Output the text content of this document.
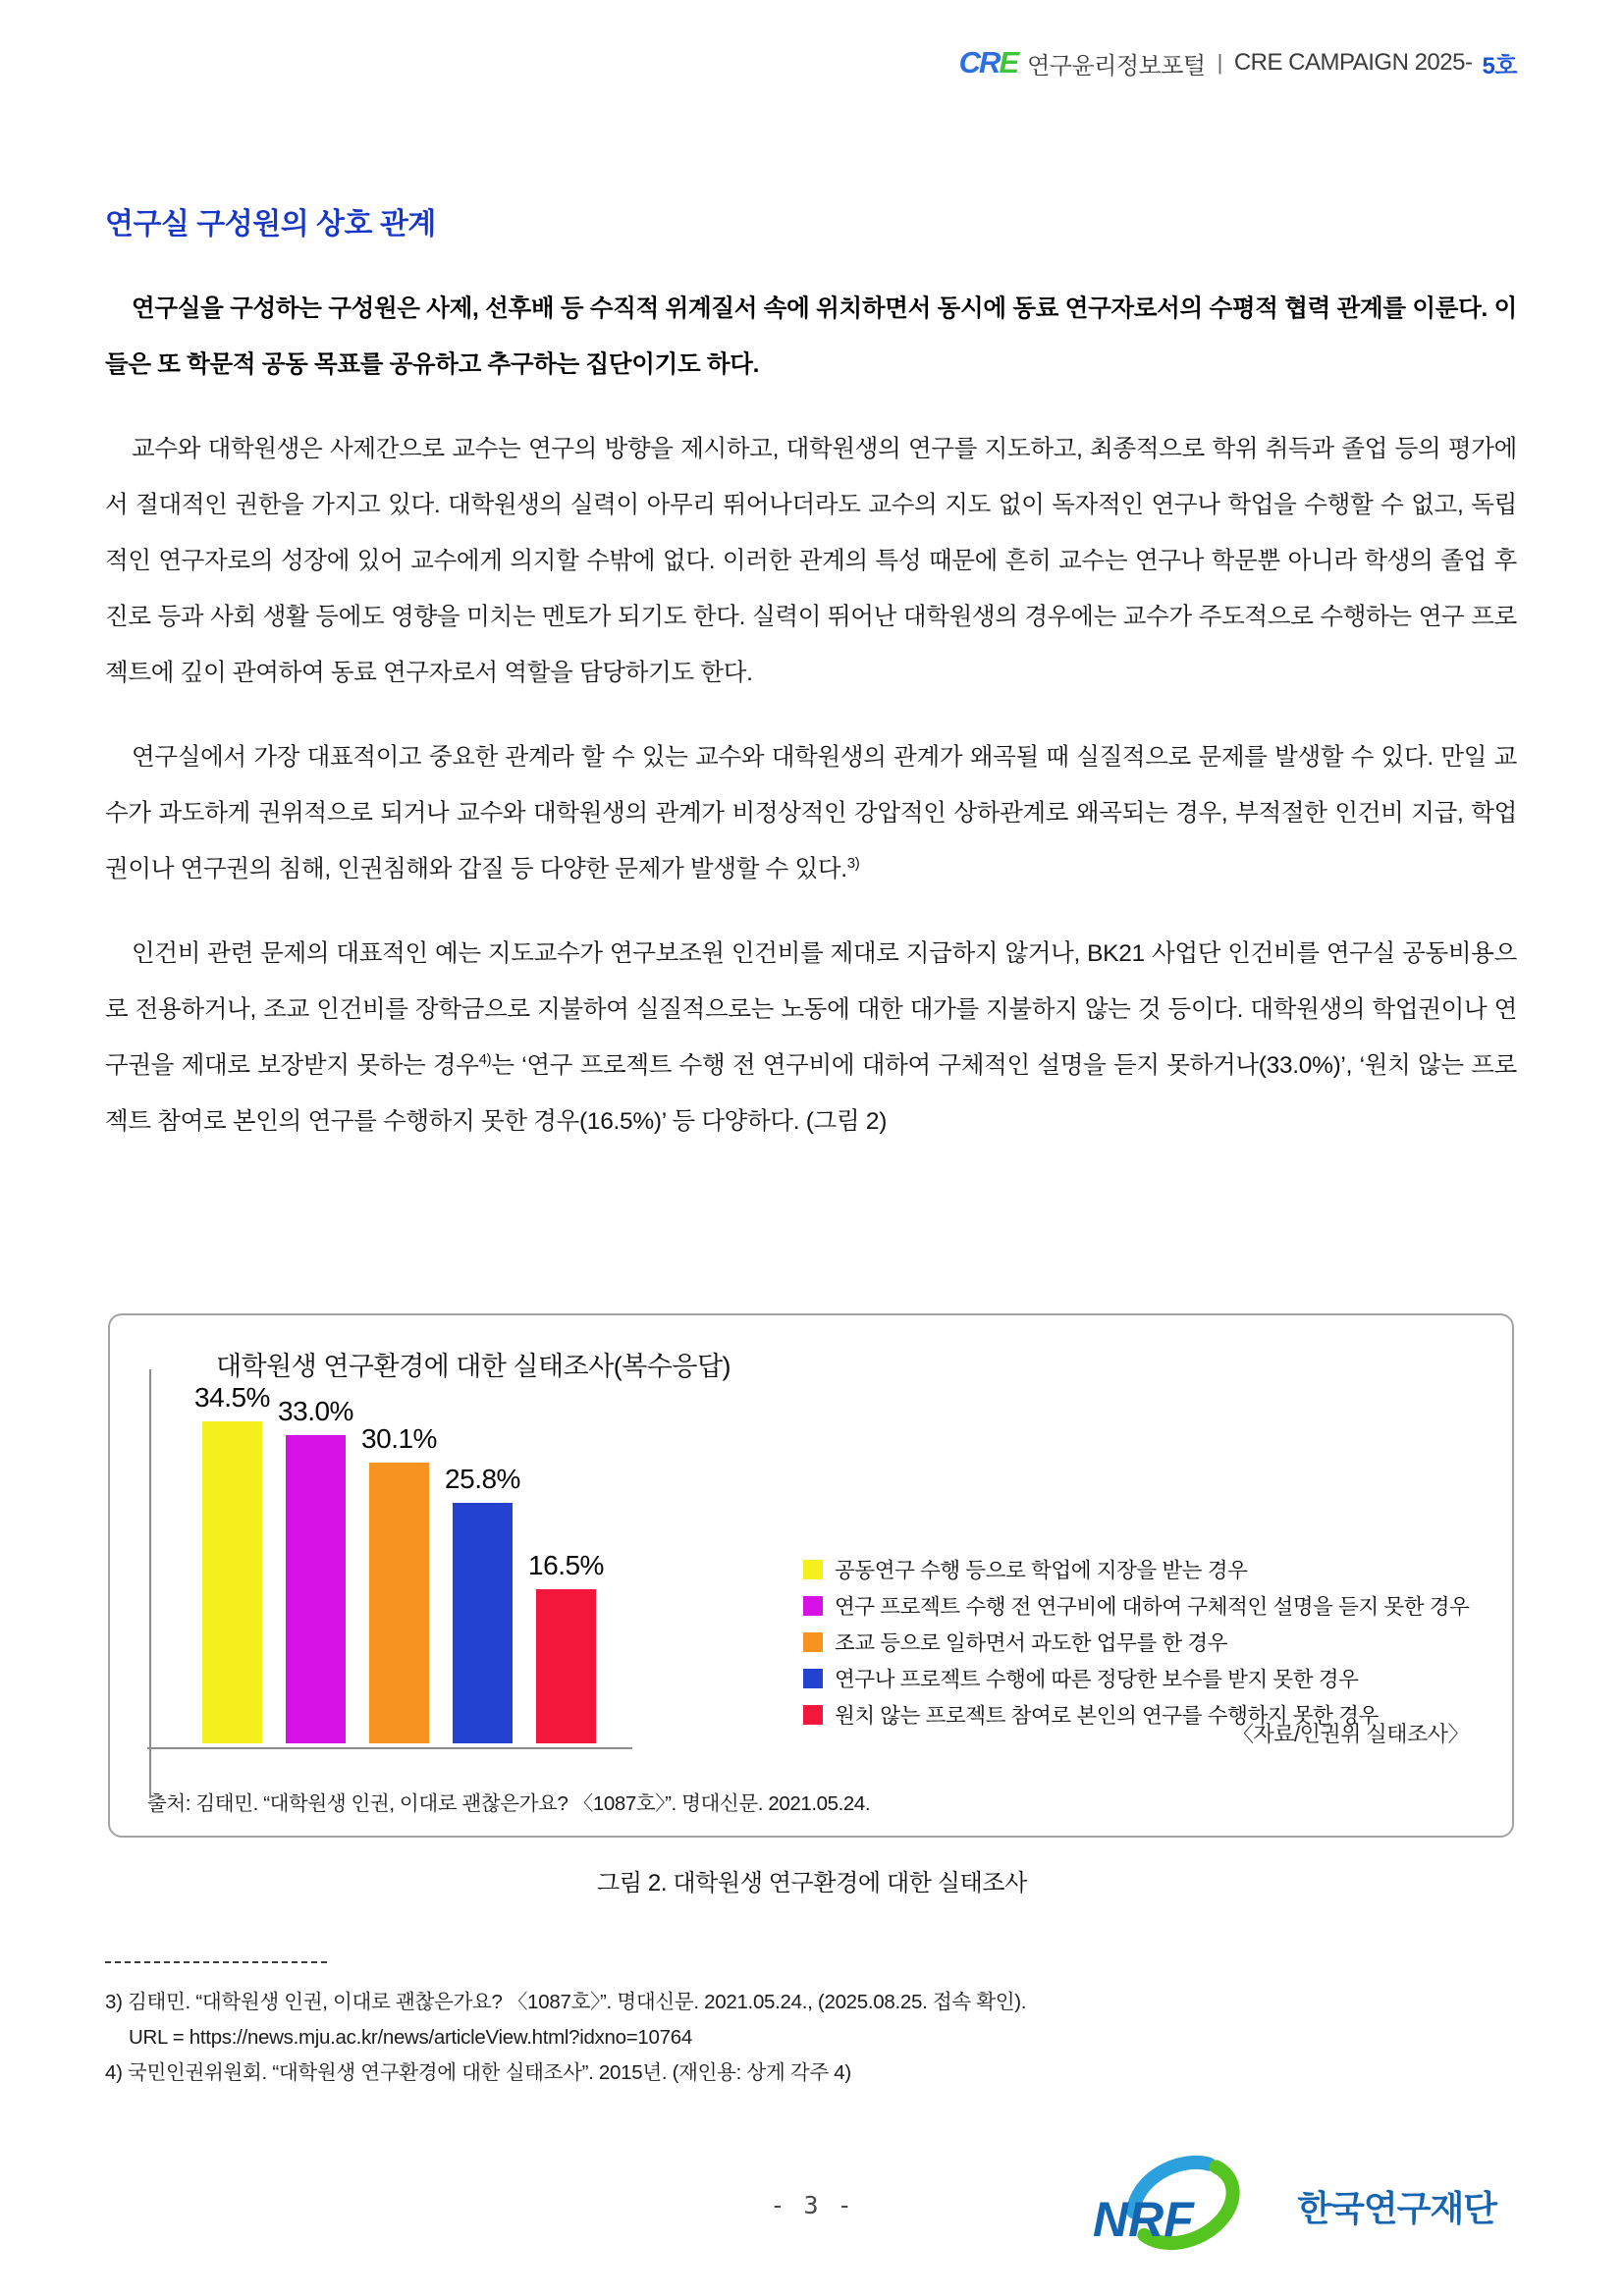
CRE 연구윤리정보포털 | CRE CAMPAIGN 2025- 5호
연구실 구성원의 상호 관계

연구실을 구성하는 구성원은 사제, 선후배 등 수직적 위계질서 속에 위치하면서 동시에 동료 연구자로서의 수평적 협력 관계를 이룬다. 이들은 또 학문적 공동 목표를 공유하고 추구하는 집단이기도 하다.

교수와 대학원생은 사제간으로 교수는 연구의 방향을 제시하고, 대학원생의 연구를 지도하고, 최종적으로 학위 취득과 졸업 등의 평가에서 절대적인 권한을 가지고 있다. 대학원생의 실력이 아무리 뛰어나더라도 교수의 지도 없이 독자적인 연구나 학업을 수행할 수 없고, 독립적인 연구자로의 성장에 있어 교수에게 의지할 수밖에 없다. 이러한 관계의 특성 때문에 흔히 교수는 연구나 학문뿐 아니라 학생의 졸업 후 진로 등과 사회 생활 등에도 영향을 미치는 멘토가 되기도 한다. 실력이 뛰어난 대학원생의 경우에는 교수가 주도적으로 수행하는 연구 프로젝트에 깊이 관여하여 동료 연구자로서 역할을 담당하기도 한다.

연구실에서 가장 대표적이고 중요한 관계라 할 수 있는 교수와 대학원생의 관계가 왜곡될 때 실질적으로 문제를 발생할 수 있다. 만일 교수가 과도하게 권위적으로 되거나 교수와 대학원생의 관계가 비정상적인 강압적인 상하관계로 왜곡되는 경우, 부적절한 인건비 지급, 학업권이나 연구권의 침해, 인권침해와 갑질 등 다양한 문제가 발생할 수 있다.$^{3)}$

인건비 관련 문제의 대표적인 예는 지도교수가 연구보조원 인건비를 제대로 지급하지 않거나, BK21 사업단 인건비를 연구실 공동비용으로 전용하거나, 조교 인건비를 장학금으로 지불하여 실질적으로는 노동에 대한 대가를 지불하지 않는 것 등이다. 대학원생의 학업권이나 연구권을 제대로 보장받지 못하는 경우$^{4)}$는 ‘연구 프로젝트 수행 전 연구비에 대하여 구체적인 설명을 듣지 못하거나(33.0%)’, ‘원치 않는 프로젝트 참여로 본인의 연구를 수행하지 못한 경우(16.5%)’ 등 다양하다. (그림 2)

대학원생 연구환경에 대한 실태조사(복수응답)
34.5% 33.0%
30.1%
25.8%
16.5%	공동연구 수행 등으로 학업에 지장을 받는 경우
연구 프로젝트 수행 전 연구비에 대하여 구체적인 설명을 듣지 못한 경우
조교 등으로 일하면서 과도한 업무를 한 경우
연구나 프로젝트 수행에 따른 정당한 보수를 받지 못한 경우
원치 않는 프로젝트 참여로 본인의 연구를 수행하지 못한 경우
〈자료/인권위 실태조사〉
출처: 김태민. “대학원생 인권, 이대로 괜찮은가요? 〈1087호〉”. 명대신문. 2021.05.24.
그림 2. 대학원생 연구환경에 대한 실태조사

3) 김태민. “대학원생 인권, 이대로 괜찮은가요? 〈1087호〉”. 명대신문. 2021.05.24., (2025.08.25. 접속 확인).

URL = https://news.mju.ac.kr/news/articleView.html?idxno=10764

4) 국민인권위원회. “대학원생 연구환경에 대한 실태조사”. 2015년. (재인용: 상게 각주 4)

- 3 -	NRF	한국연구재단
